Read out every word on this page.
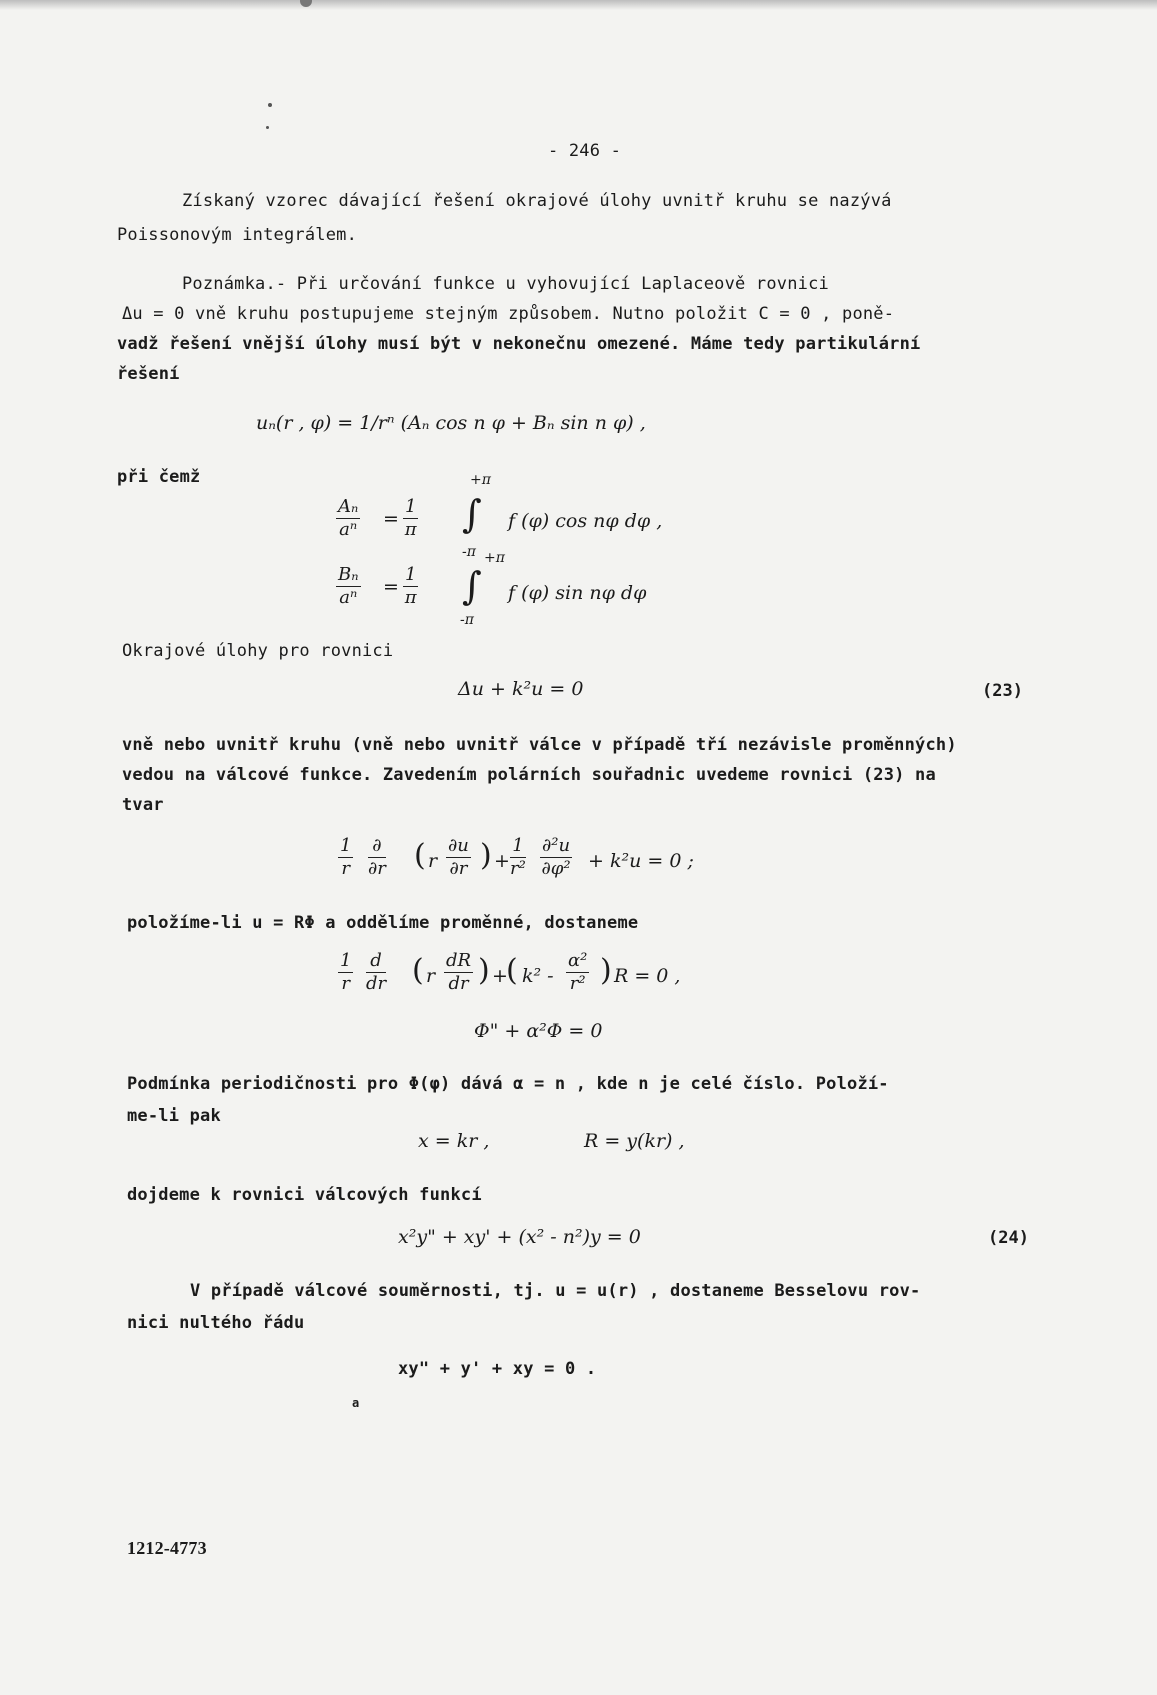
- 246 -
Získaný vzorec dávající řešení okrajové úlohy uvnitř kruhu se nazývá
Poissonovým integrálem.
Poznámka.- Při určování funkce u vyhovující Laplaceově rovnici
Δu = 0 vně kruhu postupujeme stejným způsobem. Nutno položit C = 0 , poně-
vadž řešení vnější úlohy musí být v nekonečnu omezené. Máme tedy partikulární
řešení
uₙ(r , φ) = 1/rⁿ (Aₙ cos n φ + Bₙ sin n φ) ,
při čemž
$\frac{\text{Aₙ}}{\text{aⁿ}} = \frac{1}{\pi}$
+π
∫
-π
f (φ) cos nφ dφ ,
$\frac{\text{Bₙ}}{\text{aⁿ}} = \frac{1}{\pi}$
+π
∫
-π
f (φ) sin nφ dφ
Okrajové úlohy pro rovnici
Δu + k²u = 0	(23)
vně nebo uvnitř kruhu (vně nebo uvnitř válce v případě tří nezávisle proměnných)
vedou na válcové funkce. Zavedením polárních souřadnic uvedeme rovnici (23) na
tvar
$\frac{1}{r}$ ∂
∂r ( r $\frac{\partial u}{\partial r}$ ) + $\frac{1}{\text{r²}} \frac{\text{∂²u}}{\text{∂φ²}} + k^2u = 0$ ;
položíme-li u = RΦ a oddělíme proměnné, dostaneme
$\frac{1}{r} \frac{d}{dr}$ ( r $\frac{dR}{dr}$ ) +
( $k^2 - \frac{\text{α²}}{\text{r²}}$ ) R = 0 ,
Φ" + α²Φ = 0
Podmínka periodičnosti pro Φ(φ) dává α = n , kde n je celé číslo. Položí-
me-li pak
x = kr ,	R = y(kr) ,
dojdeme k rovnici válcových funkcí
x²y" + xy' + (x² - n²)y = 0	(24)
V případě válcové souměrnosti, tj. u = u(r) , dostaneme Besselovu rov-
nici nultého řádu
xy" + y' + xy = 0 .
a
1212-4773
